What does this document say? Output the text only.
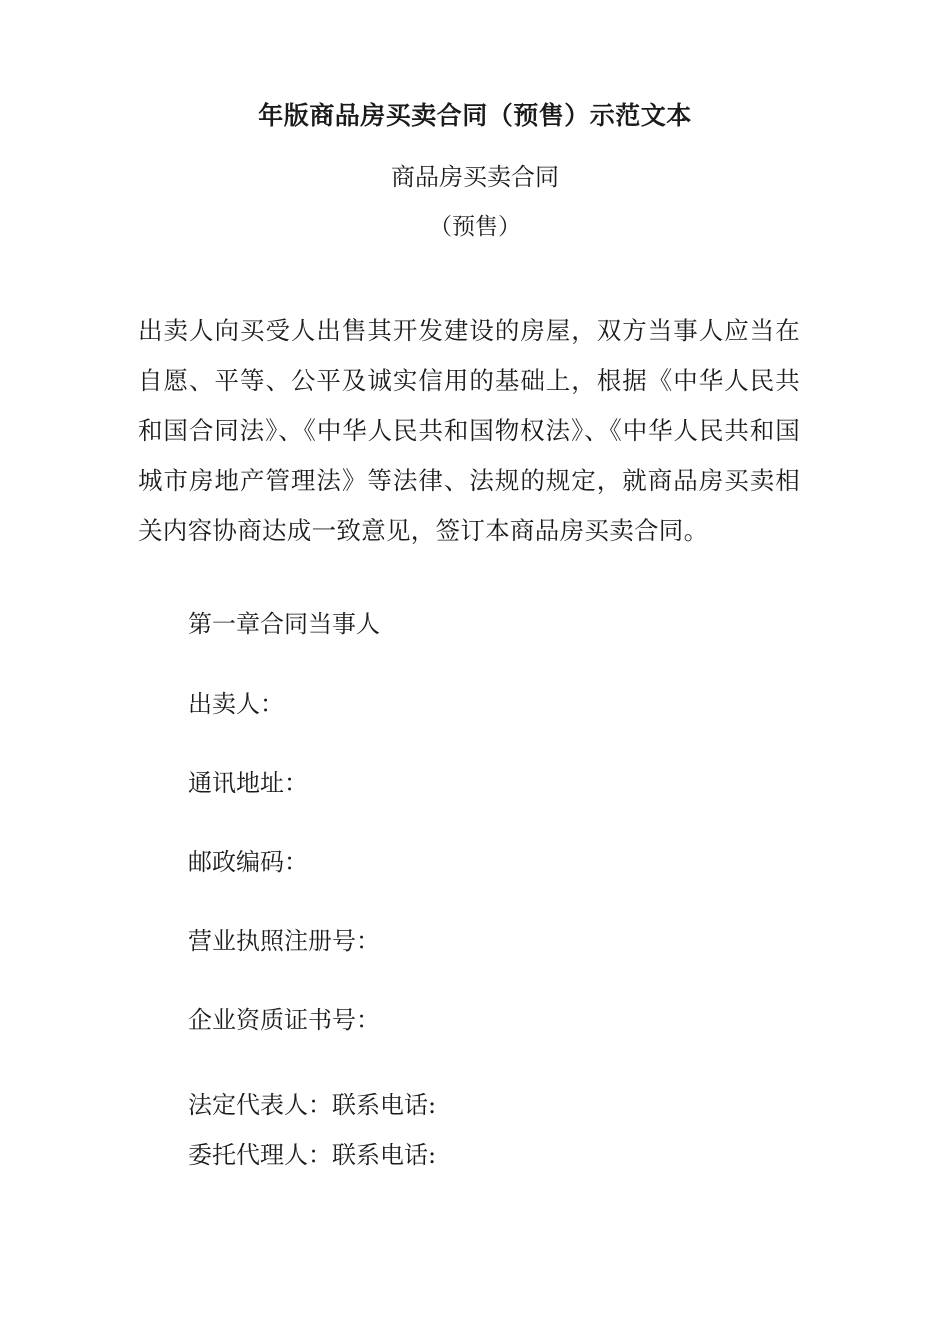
年版商品房买卖合同（预售）示范文本
商品房买卖合同
（预售）

出卖人向买受人出售其开发建设的房屋，双方当事人应当在自愿、平等、公平及诚实信用的基础上，根据《中华人民共和国合同法》、《中华人民共和国物权法》、《中华人民共和国城市房地产管理法》等法律、法规的规定，就商品房买卖相关内容协商达成一致意见，签订本商品房买卖合同。

第一章合同当事人
出卖人：
通讯地址：
邮政编码：
营业执照注册号：
企业资质证书号：
法定代表人：联系电话:
委托代理人：联系电话:
